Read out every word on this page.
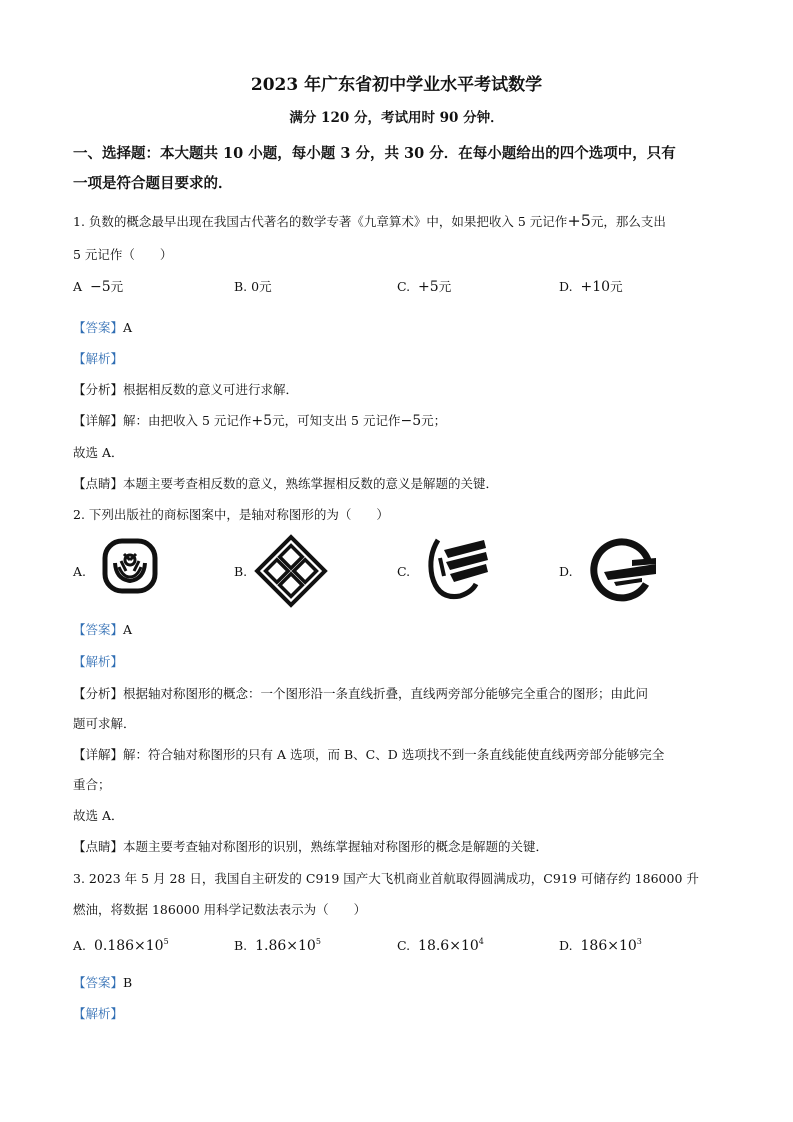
2023 年广东省初中学业水平考试数学
满分 120 分，考试用时 90 分钟．
一、选择题：本大题共 10 小题，每小题 3 分，共 30 分．在每小题给出的四个选项中，只有
一项是符合题目要求的．
1. 负数的概念最早出现在我国古代著名的数学专著《九章算术》中，如果把收入 5 元记作+5元，那么支出
5 元记作（　　）
A −5元	B. 0元	C. +5元	D. +10元
【答案】A
【解析】
【分析】根据相反数的意义可进行求解．
【详解】解：由把收入 5 元记作+5元，可知支出 5 元记作−5元；
故选 A．
【点睛】本题主要考查相反数的意义，熟练掌握相反数的意义是解题的关键．
2. 下列出版社的商标图案中，是轴对称图形的为（　　）
A.	B.	C.	D.
【答案】A
【解析】
【分析】根据轴对称图形的概念：一个图形沿一条直线折叠，直线两旁部分能够完全重合的图形；由此问
题可求解．
【详解】解：符合轴对称图形的只有 A 选项，而 B、C、D 选项找不到一条直线能使直线两旁部分能够完全
重合；
故选 A．
【点睛】本题主要考查轴对称图形的识别，熟练掌握轴对称图形的概念是解题的关键．
3. 2023 年 5 月 28 日，我国自主研发的 C919 国产大飞机商业首航取得圆满成功，C919 可储存约 186000 升
燃油，将数据 186000 用科学记数法表示为（　　）
A. $0.186\times 10^5$	B. $1.86\times 10^5$	C. $18.6\times 10^4$	D. $186\times 10^3$
【答案】B
【解析】
